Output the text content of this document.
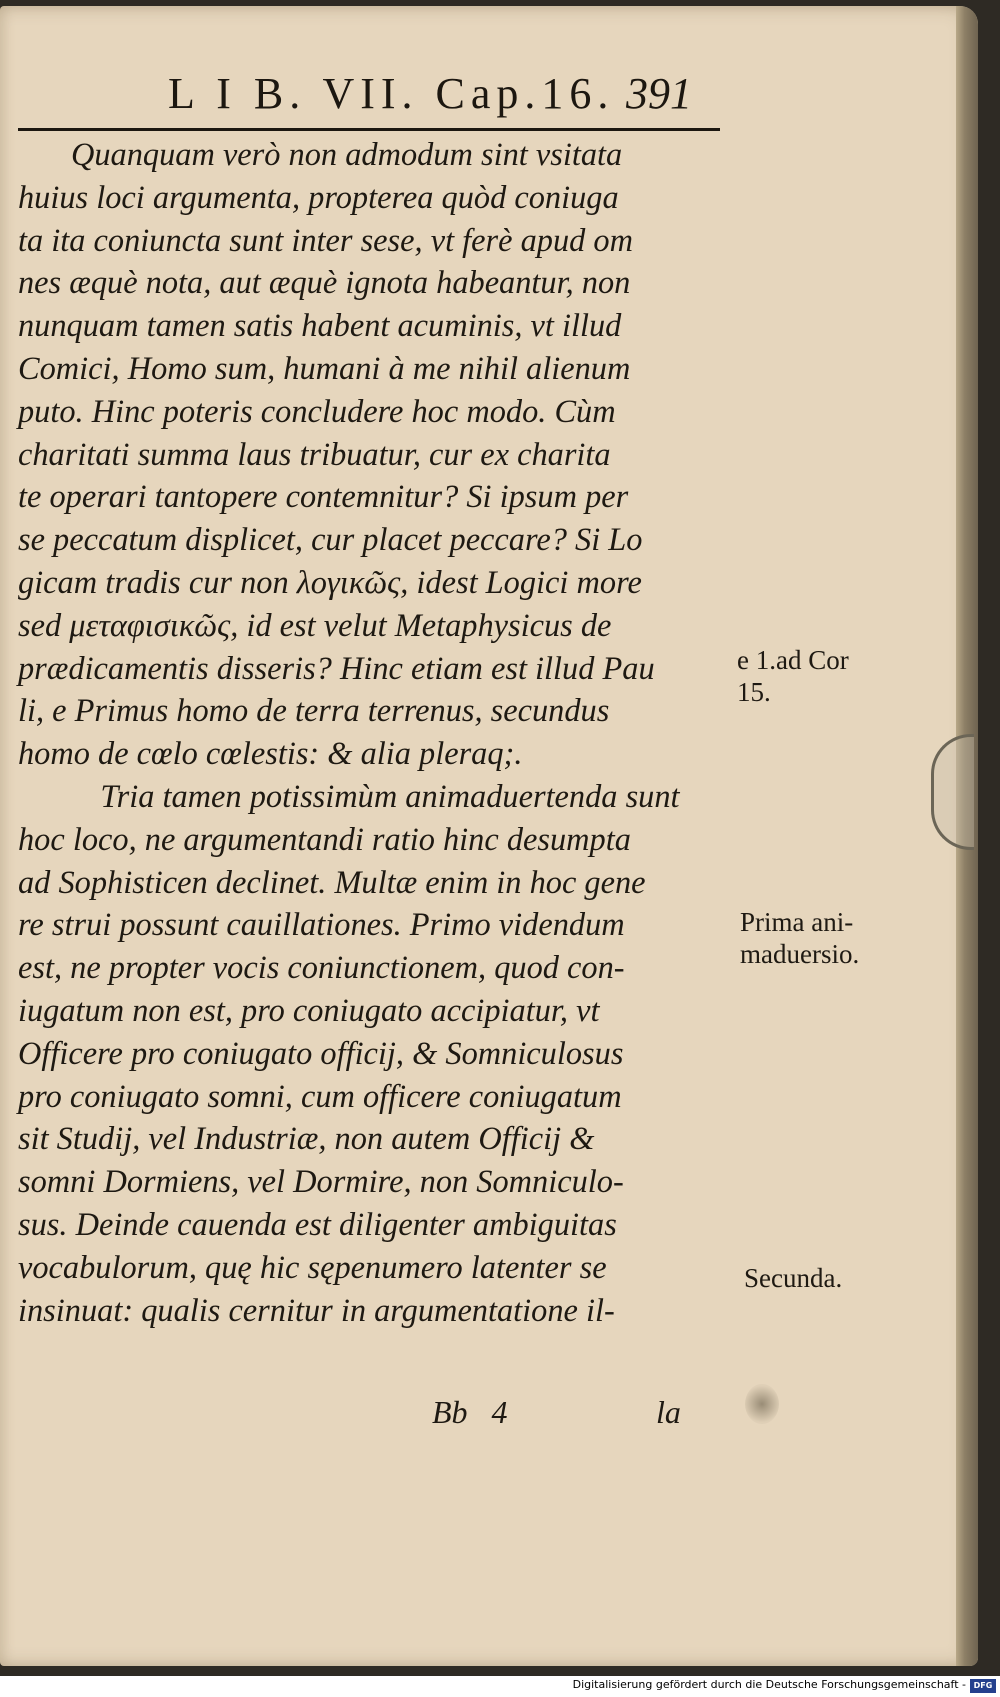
L I B. VII. Cap.16. 391
Quanquam verò non admodum sint vsitata
huius loci argumenta, propterea quòd coniuga
ta ita coniuncta sunt inter sese, vt ferè apud om
nes æquè nota, aut æquè ignota habeantur, non
nunquam tamen satis habent acuminis, vt illud
Comici, Homo sum, humani à me nihil alienum
puto. Hinc poteris concludere hoc modo. Cùm
charitati summa laus tribuatur, cur ex charita
te operari tantopere contemnitur? Si ipsum per
se peccatum displicet, cur placet peccare? Si Lo
gicam tradis cur non λογικῶς, idest Logici more
sed μεταφισικῶς, id est velut Metaphysicus de
prædicamentis disseris? Hinc etiam est illud Pau
li, e Primus homo de terra terrenus, secundus
homo de cœlo cœlestis: & alia pleraq;.
Tria tamen potissimùm animaduertenda sunt
hoc loco, ne argumentandi ratio hinc desumpta
ad Sophisticen declinet. Multæ enim in hoc gene
re strui possunt cauillationes. Primo videndum
est, ne propter vocis coniunctionem, quod con-
iugatum non est, pro coniugato accipiatur, vt
Officere pro coniugato officij, & Somniculosus
pro coniugato somni, cum officere coniugatum
sit Studij, vel Industriæ, non autem Officij &
somni Dormiens, vel Dormire, non Somniculo-
sus. Deinde cauenda est diligenter ambiguitas
vocabulorum, quę hic sępenumero latenter se
insinuat: qualis cernitur in argumentatione il-
e 1.ad Cor
15.
Prima ani-
maduersio.
Secunda.
Bb   4	la
Digitalisierung gefördert durch die Deutsche Forschungsgemeinschaft - DFG
